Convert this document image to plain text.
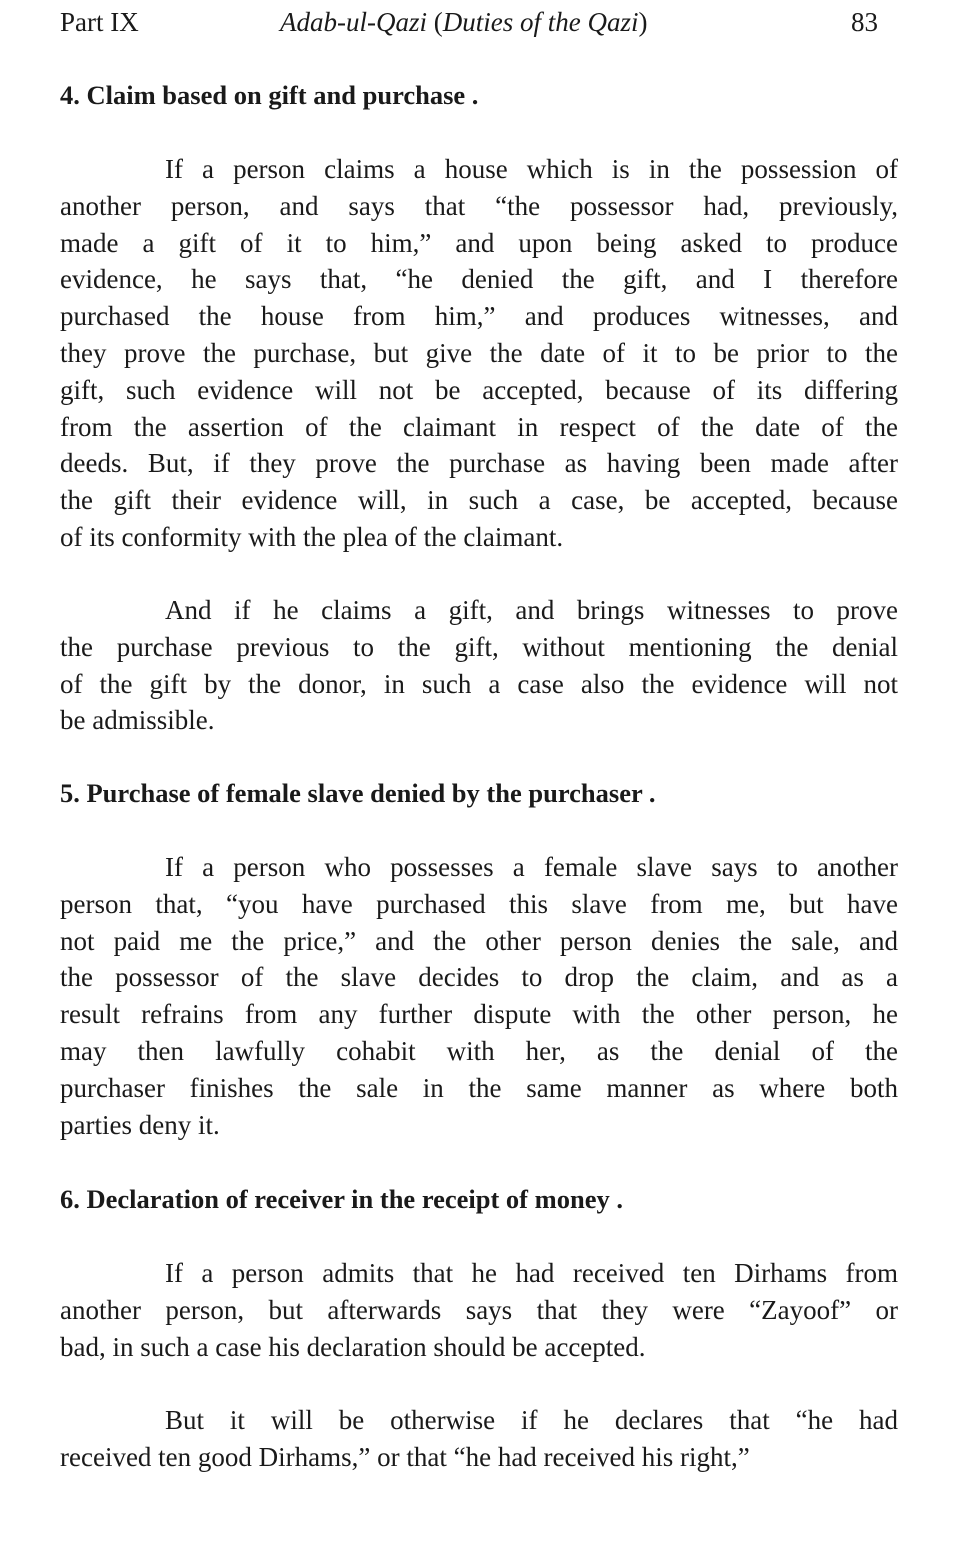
Part IX	Adab-ul-Qazi (Duties of the Qazi)	83
4. Claim based on gift and purchase .
If a person claims a house which is in the possession of
another person, and says that “the possessor had, previously,
made a gift of it to him,” and upon being asked to produce
evidence, he says that, “he denied the gift, and I therefore
purchased the house from him,” and produces witnesses, and
they prove the purchase, but give the date of it to be prior to the
gift, such evidence will not be accepted, because of its differing
from the assertion of the claimant in respect of the date of the
deeds. But, if they prove the purchase as having been made after
the gift their evidence will, in such a case, be accepted, because
of its conformity with the plea of the claimant.
And if he claims a gift, and brings witnesses to prove
the purchase previous to the gift, without mentioning the denial
of the gift by the donor, in such a case also the evidence will not
be admissible.
5. Purchase of female slave denied by the purchaser .
If a person who possesses a female slave says to another
person that, “you have purchased this slave from me, but have
not paid me the price,” and the other person denies the sale, and
the possessor of the slave decides to drop the claim, and as a
result refrains from any further dispute with the other person, he
may then lawfully cohabit with her, as the denial of the
purchaser finishes the sale in the same manner as where both
parties deny it.
6. Declaration of receiver in the receipt of money .
If a person admits that he had received ten Dirhams from
another person, but afterwards says that they were “Zayoof” or
bad, in such a case his declaration should be accepted.
But it will be otherwise if he declares that “he had
received ten good Dirhams,” or that “he had received his right,”
